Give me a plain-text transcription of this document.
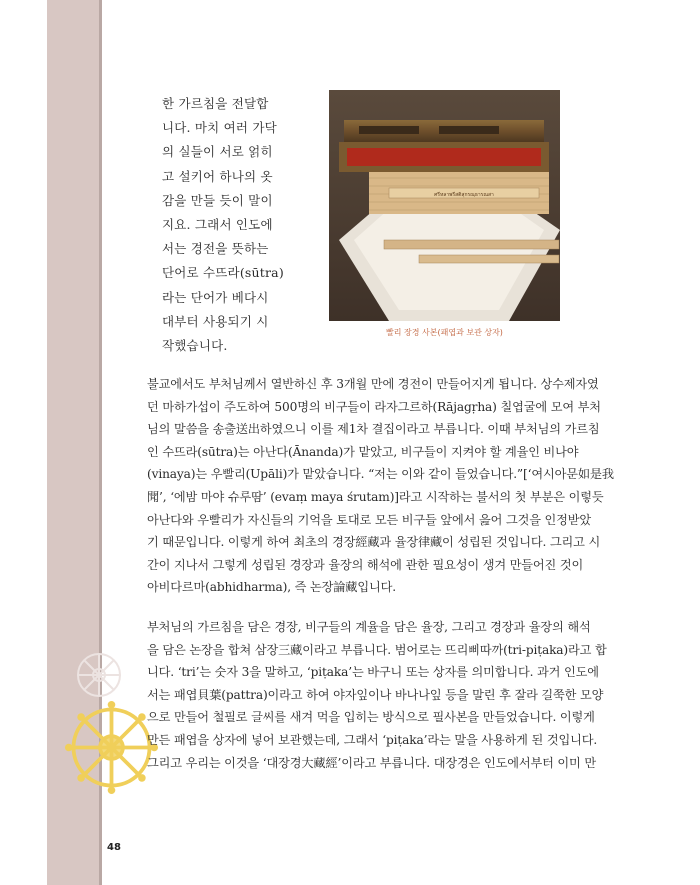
한 가르침을 전달합

니다. 마치 여러 가닥

의 실들이 서로 얽히

고 설키어 하나의 옷

감을 만들 듯이 말이

지요. 그래서 인도에

서는 경전을 뜻하는

단어로 수뜨라(sūtra)

라는 단어가 베다시

대부터 사용되기 시

작했습니다.

ศรีหลาพรีสติสุกรณฺธารณสา
빨리 장경 사본(패엽과 보관 상자)

불교에서도 부처님께서 열반하신 후 3개월 만에 경전이 만들어지게 됩니다. 상수제자였

던 마하가섭이 주도하여 500명의 비구들이 라자그르하(Rājagṛha) 칠엽굴에 모여 부처

님의 말씀을 송출送出하였으니 이를 제1차 결집이라고 부릅니다. 이때 부처님의 가르침

인 수뜨라(sūtra)는 아난다(Ānanda)가 맡았고, 비구들이 지켜야 할 계율인 비나야

(vinaya)는 우빨리(Upāli)가 맡았습니다. “저는 이와 같이 들었습니다.”[‘여시아문如是我

聞’, ‘에밤 마야 슈루땀’ (evaṃ maya śrutam)]라고 시작하는 불서의 첫 부분은 이렇듯

아난다와 우빨리가 자신들의 기억을 토대로 모든 비구들 앞에서 읊어 그것을 인정받았

기 때문입니다. 이렇게 하여 최초의 경장經藏과 율장律藏이 성립된 것입니다. 그리고 시

간이 지나서 그렇게 성립된 경장과 율장의 해석에 관한 필요성이 생겨 만들어진 것이

아비다르마(abhidharma), 즉 논장論藏입니다.

부처님의 가르침을 담은 경장, 비구들의 계율을 담은 율장, 그리고 경장과 율장의 해석

을 담은 논장을 합쳐 삼장三藏이라고 부릅니다. 범어로는 뜨리삐따까(tri-piṭaka)라고 합

니다. ‘tri’는 숫자 3을 말하고, ‘piṭaka’는 바구니 또는 상자를 의미합니다. 과거 인도에

서는 패엽貝葉(pattra)이라고 하여 야자잎이나 바나나잎 등을 말린 후 잘라 길쭉한 모양

으로 만들어 철필로 글씨를 새겨 먹을 입히는 방식으로 필사본을 만들었습니다. 이렇게

만든 패엽을 상자에 넣어 보관했는데, 그래서 ‘piṭaka’라는 말을 사용하게 된 것입니다.

그리고 우리는 이것을 ‘대장경大藏經’이라고 부릅니다. 대장경은 인도에서부터 이미 만

48
